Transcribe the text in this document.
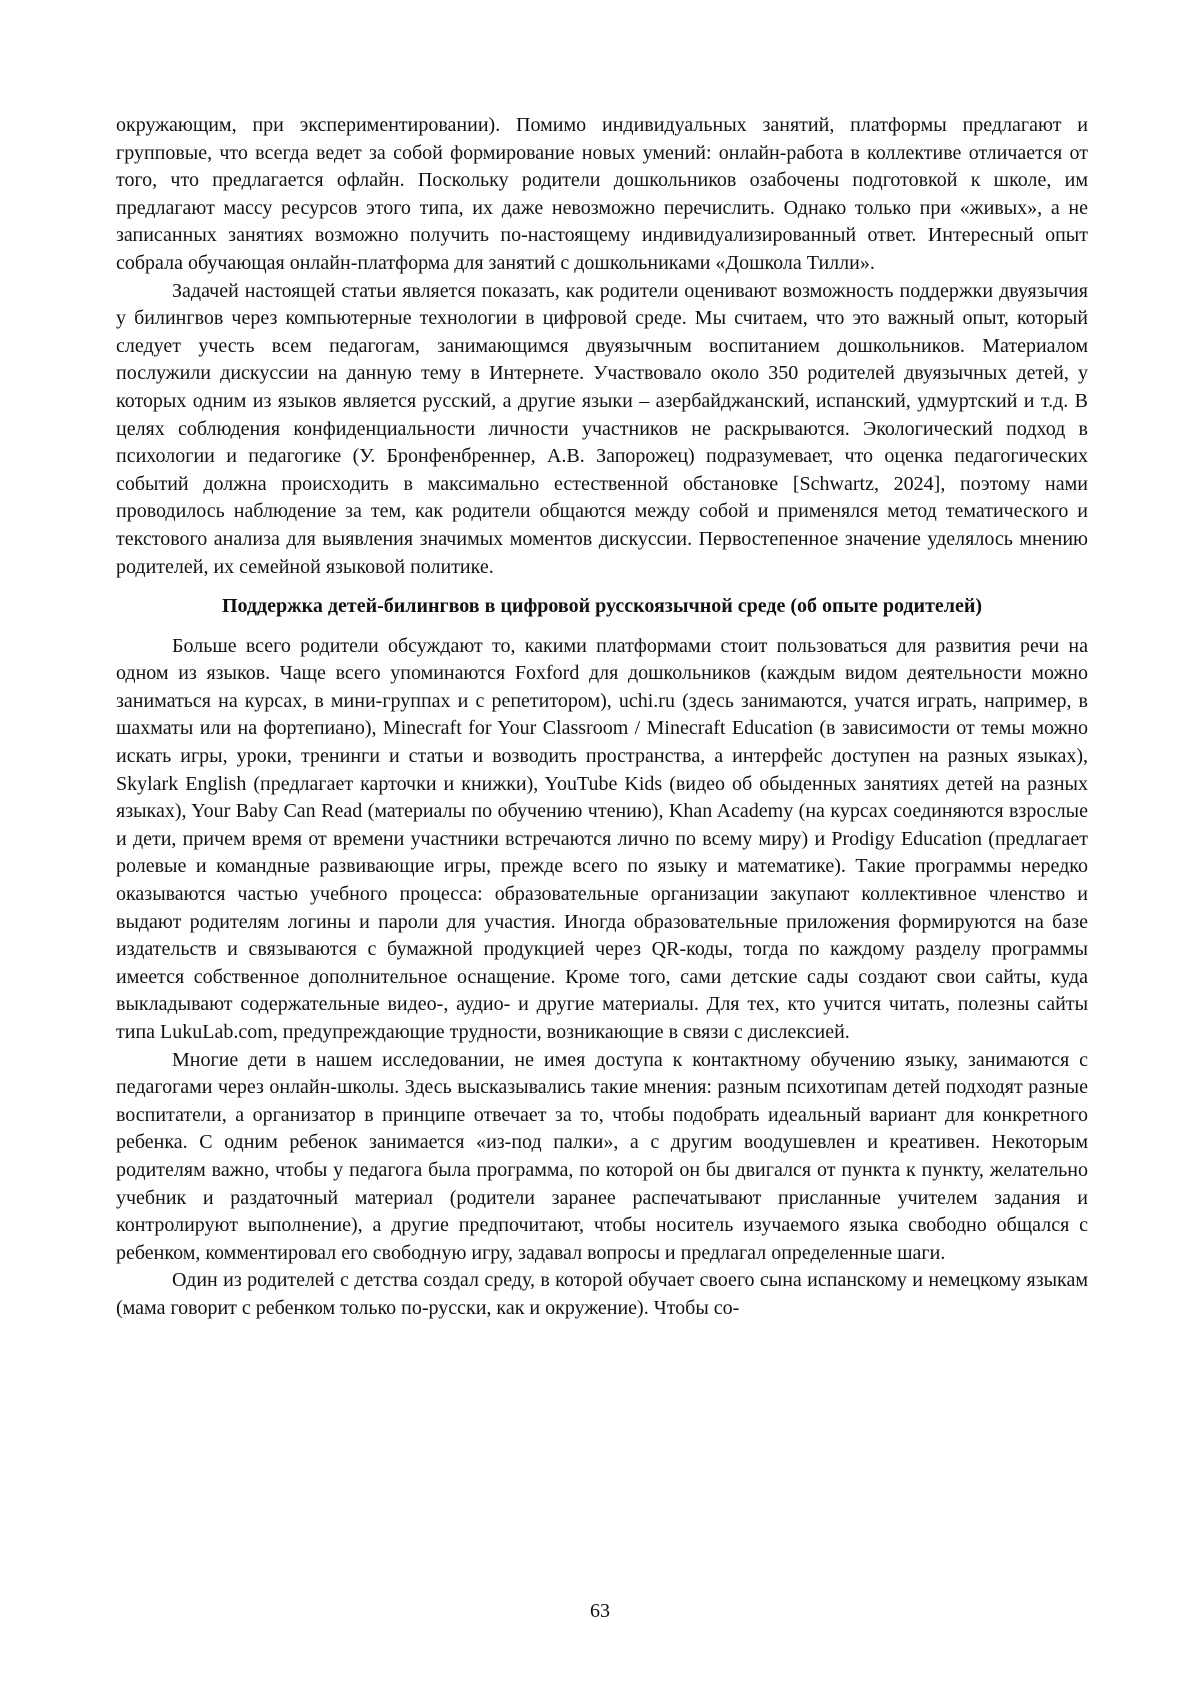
окружающим, при экспериментировании). Помимо индивидуальных занятий, платформы предлагают и групповые, что всегда ведет за собой формирование новых умений: онлайн-работа в коллективе отличается от того, что предлагается офлайн. Поскольку родители дошкольников озабочены подготовкой к школе, им предлагают массу ресурсов этого типа, их даже невозможно перечислить. Однако только при «живых», а не записанных занятиях возможно получить по-настоящему индивидуализированный ответ. Интересный опыт собрала обучающая онлайн-платформа для занятий с дошкольниками «Дошкола Тилли».

Задачей настоящей статьи является показать, как родители оценивают возможность поддержки двуязычия у билингвов через компьютерные технологии в цифровой среде. Мы считаем, что это важный опыт, который следует учесть всем педагогам, занимающимся двуязычным воспитанием дошкольников. Материалом послужили дискуссии на данную тему в Интернете. Участвовало около 350 родителей двуязычных детей, у которых одним из языков является русский, а другие языки – азербайджанский, испанский, удмуртский и т.д. В целях соблюдения конфиденциальности личности участников не раскрываются. Экологический подход в психологии и педагогике (У. Бронфенбреннер, А.В. Запорожец) подразумевает, что оценка педагогических событий должна происходить в максимально естественной обстановке [Schwartz, 2024], поэтому нами проводилось наблюдение за тем, как родители общаются между собой и применялся метод тематического и текстового анализа для выявления значимых моментов дискуссии. Первостепенное значение уделялось мнению родителей, их семейной языковой политике.

Поддержка детей-билингвов в цифровой русскоязычной среде (об опыте родителей)

Больше всего родители обсуждают то, какими платформами стоит пользоваться для развития речи на одном из языков. Чаще всего упоминаются Foxford для дошкольников (каждым видом деятельности можно заниматься на курсах, в мини-группах и с репетитором), uchi.ru (здесь занимаются, учатся играть, например, в шахматы или на фортепиано), Minecraft for Your Classroom / Minecraft Education (в зависимости от темы можно искать игры, уроки, тренинги и статьи и возводить пространства, а интерфейс доступен на разных языках), Skylark English (предлагает карточки и книжки), YouTube Kids (видео об обыденных занятиях детей на разных языках), Your Baby Can Read (материалы по обучению чтению), Khan Academy (на курсах соединяются взрослые и дети, причем время от времени участники встречаются лично по всему миру) и Prodigy Education (предлагает ролевые и командные развивающие игры, прежде всего по языку и математике). Такие программы нередко оказываются частью учебного процесса: образовательные организации закупают коллективное членство и выдают родителям логины и пароли для участия. Иногда образовательные приложения формируются на базе издательств и связываются с бумажной продукцией через QR-коды, тогда по каждому разделу программы имеется собственное дополнительное оснащение. Кроме того, сами детские сады создают свои сайты, куда выкладывают содержательные видео-, аудио- и другие материалы. Для тех, кто учится читать, полезны сайты типа LukuLab.com, предупреждающие трудности, возникающие в связи с дислексией.

Многие дети в нашем исследовании, не имея доступа к контактному обучению языку, занимаются с педагогами через онлайн-школы. Здесь высказывались такие мнения: разным психотипам детей подходят разные воспитатели, а организатор в принципе отвечает за то, чтобы подобрать идеальный вариант для конкретного ребенка. С одним ребенок занимается «из-под палки», а с другим воодушевлен и креативен. Некоторым родителям важно, чтобы у педагога была программа, по которой он бы двигался от пункта к пункту, желательно учебник и раздаточный материал (родители заранее распечатывают присланные учителем задания и контролируют выполнение), а другие предпочитают, чтобы носитель изучаемого языка свободно общался с ребенком, комментировал его свободную игру, задавал вопросы и предлагал определенные шаги.

Один из родителей с детства создал среду, в которой обучает своего сына испанскому и немецкому языкам (мама говорит с ребенком только по-русски, как и окружение). Чтобы со-

63
